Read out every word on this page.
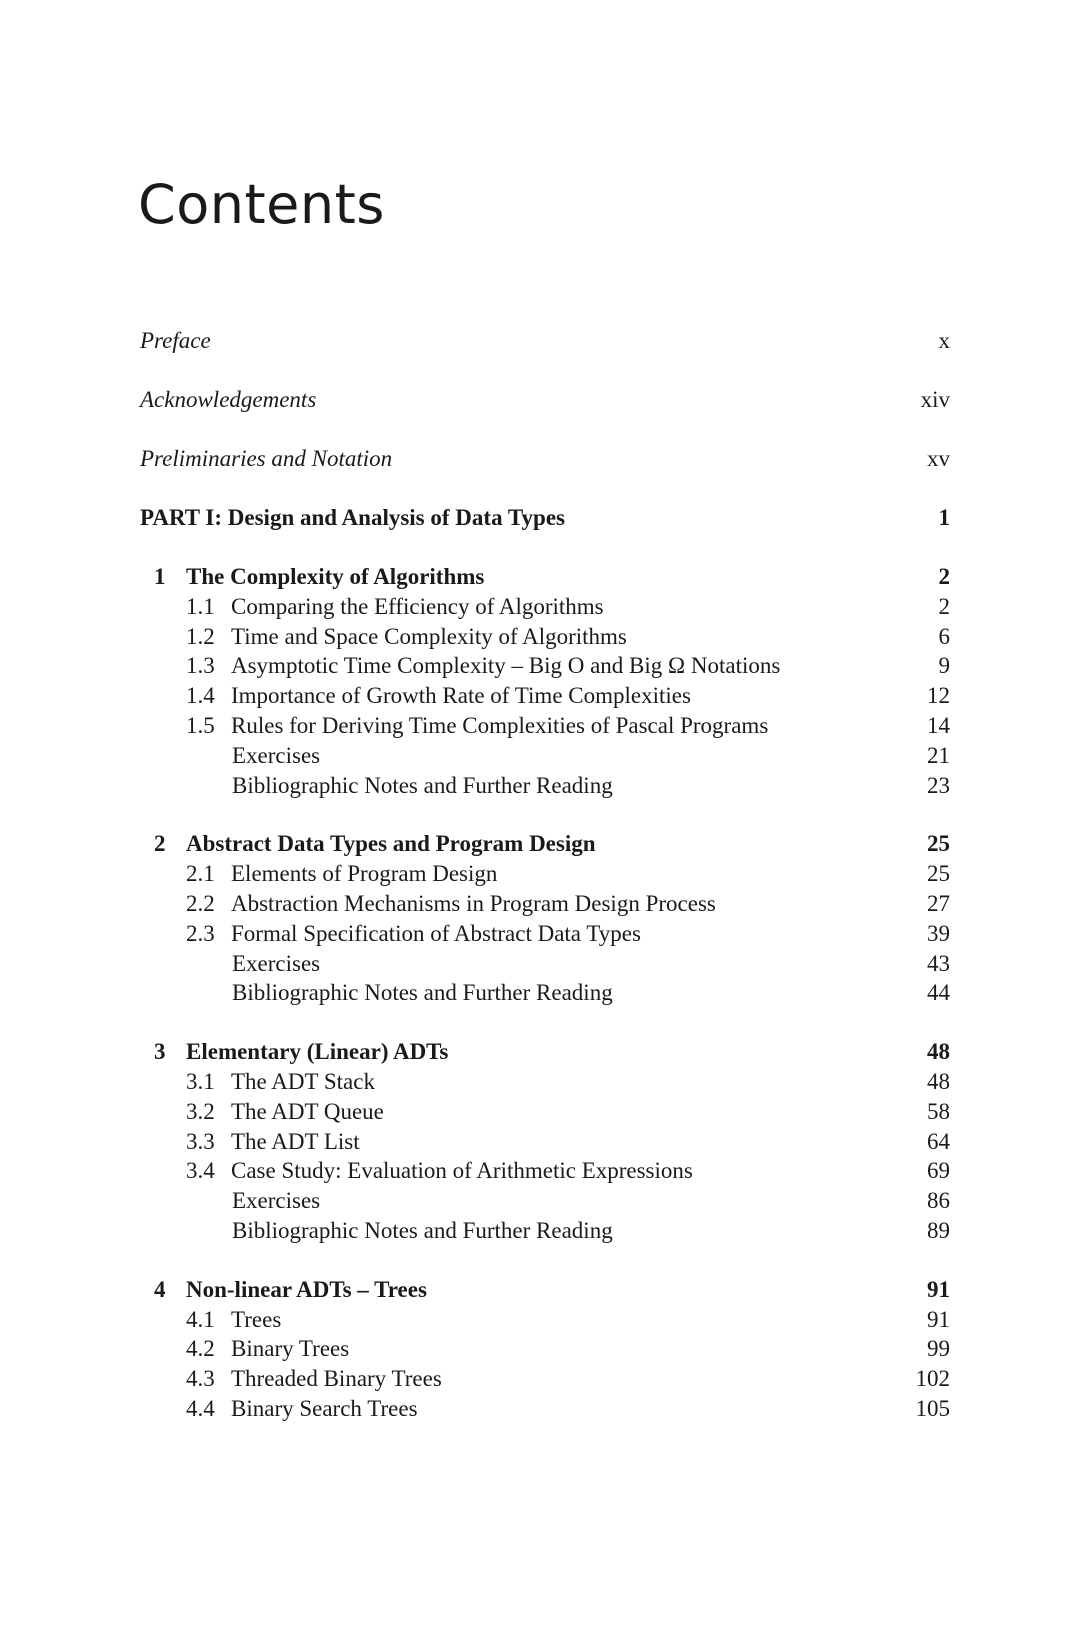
Contents
Preface	x
Acknowledgements	xiv
Preliminaries and Notation	xv
PART I: Design and Analysis of Data Types	1
1 The Complexity of Algorithms	2
1.1 Comparing the Efficiency of Algorithms	2
1.2 Time and Space Complexity of Algorithms	6
1.3 Asymptotic Time Complexity – Big O and Big Ω Notations	9
1.4 Importance of Growth Rate of Time Complexities	12
1.5 Rules for Deriving Time Complexities of Pascal Programs	14
Exercises	21
Bibliographic Notes and Further Reading	23
2 Abstract Data Types and Program Design	25
2.1 Elements of Program Design	25
2.2 Abstraction Mechanisms in Program Design Process	27
2.3 Formal Specification of Abstract Data Types	39
Exercises	43
Bibliographic Notes and Further Reading	44
3 Elementary (Linear) ADTs	48
3.1 The ADT Stack	48
3.2 The ADT Queue	58
3.3 The ADT List	64
3.4 Case Study: Evaluation of Arithmetic Expressions	69
Exercises	86
Bibliographic Notes and Further Reading	89
4 Non-linear ADTs – Trees	91
4.1 Trees	91
4.2 Binary Trees	99
4.3 Threaded Binary Trees	102
4.4 Binary Search Trees	105
